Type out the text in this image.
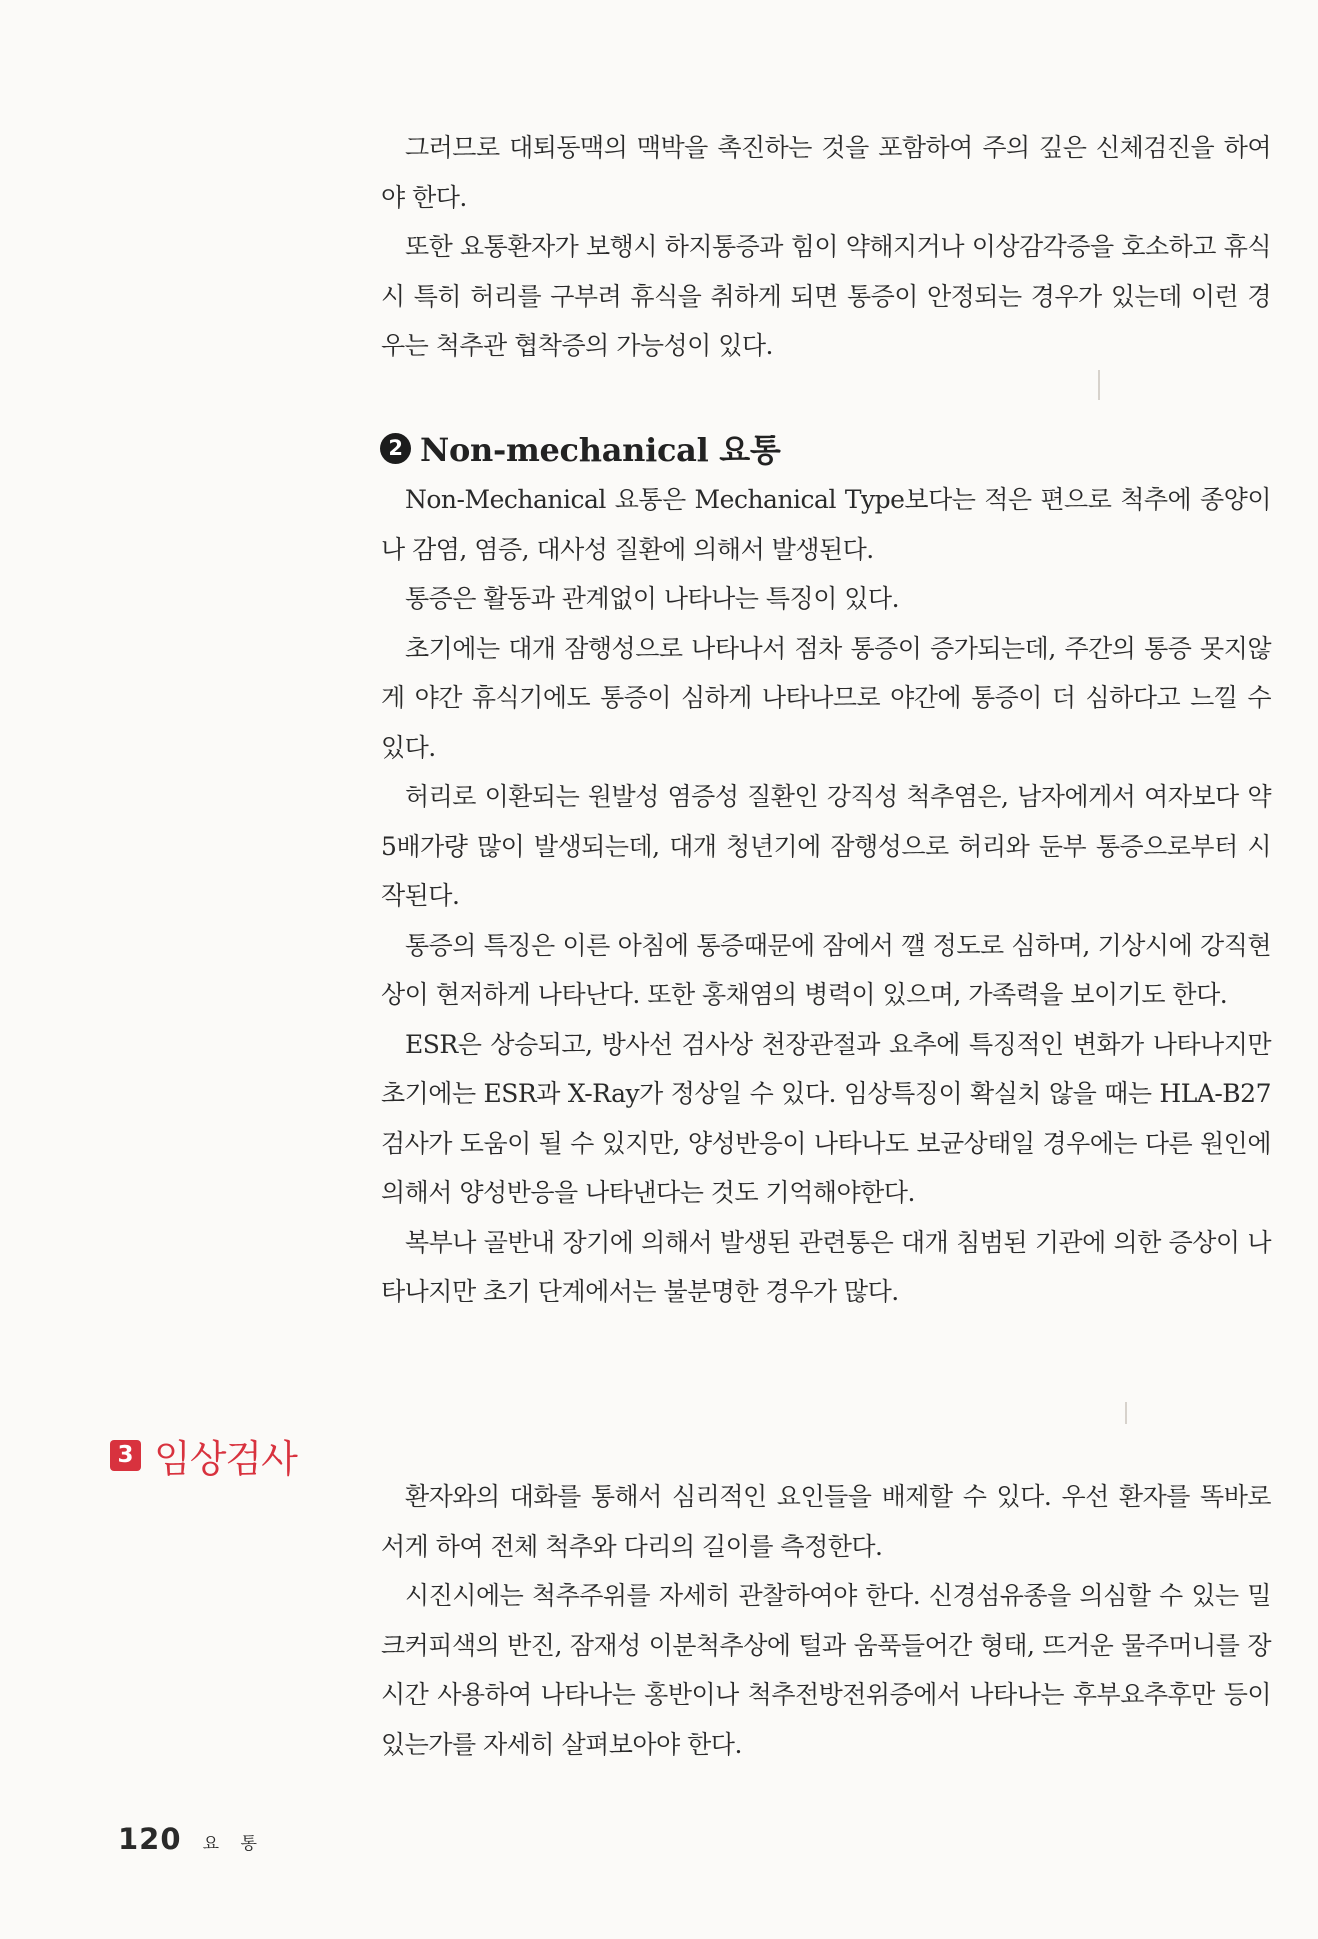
그러므로 대퇴동맥의 맥박을 촉진하는 것을 포함하여 주의 깊은 신체검진을 하여야 한다.

또한 요통환자가 보행시 하지통증과 힘이 약해지거나 이상감각증을 호소하고 휴식시 특히 허리를 구부려 휴식을 취하게 되면 통증이 안정되는 경우가 있는데 이런 경우는 척추관 협착증의 가능성이 있다.

2 Non-mechanical 요통

Non-Mechanical 요통은 Mechanical Type보다는 적은 편으로 척추에 종양이나 감염, 염증, 대사성 질환에 의해서 발생된다.

통증은 활동과 관계없이 나타나는 특징이 있다.

초기에는 대개 잠행성으로 나타나서 점차 통증이 증가되는데, 주간의 통증 못지않게 야간 휴식기에도 통증이 심하게 나타나므로 야간에 통증이 더 심하다고 느낄 수 있다.

허리로 이환되는 원발성 염증성 질환인 강직성 척추염은, 남자에게서 여자보다 약 5배가량 많이 발생되는데, 대개 청년기에 잠행성으로 허리와 둔부 통증으로부터 시작된다.

통증의 특징은 이른 아침에 통증때문에 잠에서 깰 정도로 심하며, 기상시에 강직현상이 현저하게 나타난다. 또한 홍채염의 병력이 있으며, 가족력을 보이기도 한다.

ESR은 상승되고, 방사선 검사상 천장관절과 요추에 특징적인 변화가 나타나지만 초기에는 ESR과 X-Ray가 정상일 수 있다. 임상특징이 확실치 않을 때는 HLA-B27 검사가 도움이 될 수 있지만, 양성반응이 나타나도 보균상태일 경우에는 다른 원인에 의해서 양성반응을 나타낸다는 것도 기억해야한다.

복부나 골반내 장기에 의해서 발생된 관련통은 대개 침범된 기관에 의한 증상이 나타나지만 초기 단계에서는 불분명한 경우가 많다.

3 임상검사

환자와의 대화를 통해서 심리적인 요인들을 배제할 수 있다. 우선 환자를 똑바로 서게 하여 전체 척추와 다리의 길이를 측정한다.

시진시에는 척추주위를 자세히 관찰하여야 한다. 신경섬유종을 의심할 수 있는 밀크커피색의 반진, 잠재성 이분척추상에 털과 움푹들어간 형태, 뜨거운 물주머니를 장시간 사용하여 나타나는 홍반이나 척추전방전위증에서 나타나는 후부요추후만 등이 있는가를 자세히 살펴보아야 한다.

120 요 통
